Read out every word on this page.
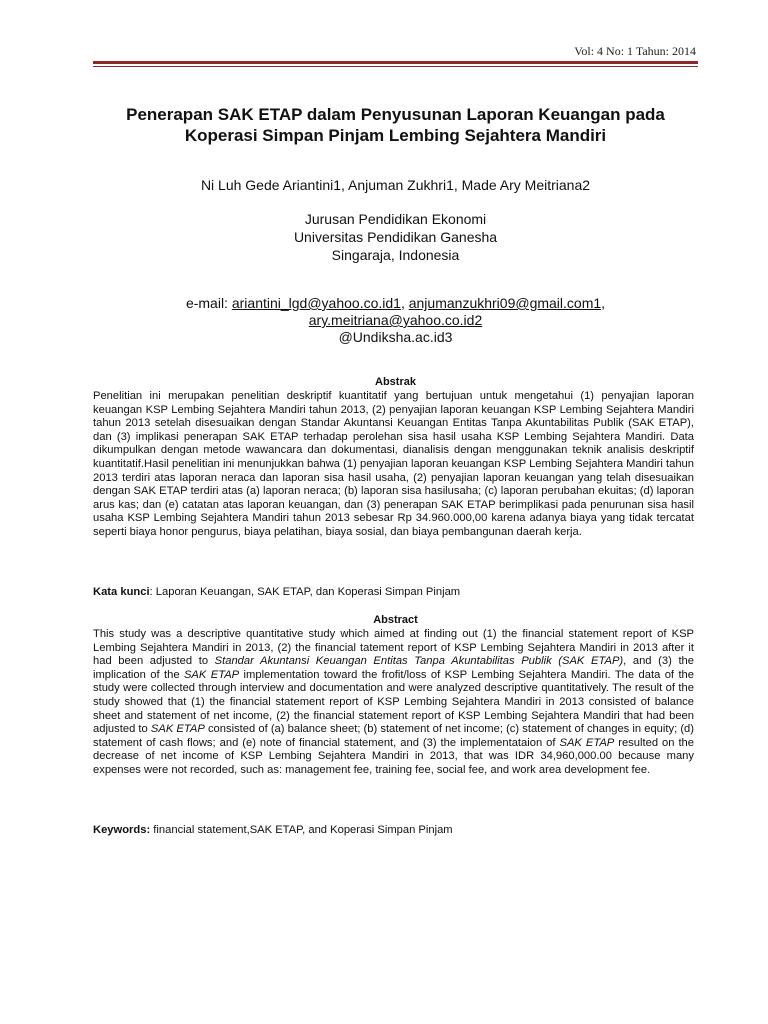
Vol: 4 No: 1 Tahun: 2014
Penerapan SAK ETAP dalam Penyusunan Laporan Keuangan pada
Koperasi Simpan Pinjam Lembing Sejahtera Mandiri
Ni Luh Gede Ariantini1, Anjuman Zukhri1, Made Ary Meitriana2
Jurusan Pendidikan Ekonomi
Universitas Pendidikan Ganesha
Singaraja, Indonesia
e-mail: ariantini_lgd@yahoo.co.id1, anjumanzukhri09@gmail.com1,
ary.meitriana@yahoo.co.id2
@Undiksha.ac.id3
Abstrak
Penelitian ini merupakan penelitian deskriptif kuantitatif yang bertujuan untuk mengetahui (1) penyajian laporan keuangan KSP Lembing Sejahtera Mandiri tahun 2013, (2) penyajian laporan keuangan KSP Lembing Sejahtera Mandiri tahun 2013 setelah disesuaikan dengan Standar Akuntansi Keuangan Entitas Tanpa Akuntabilitas Publik (SAK ETAP), dan (3) implikasi penerapan SAK ETAP terhadap perolehan sisa hasil usaha KSP Lembing Sejahtera Mandiri. Data dikumpulkan dengan metode wawancara dan dokumentasi, dianalisis dengan menggunakan teknik analisis deskriptif kuantitatif.Hasil penelitian ini menunjukkan bahwa (1) penyajian laporan keuangan KSP Lembing Sejahtera Mandiri tahun 2013 terdiri atas laporan neraca dan laporan sisa hasil usaha, (2) penyajian laporan keuangan yang telah disesuaikan dengan SAK ETAP terdiri atas (a) laporan neraca; (b) laporan sisa hasilusaha; (c) laporan perubahan ekuitas; (d) laporan arus kas; dan (e) catatan atas laporan keuangan, dan (3) penerapan SAK ETAP berimplikasi pada penurunan sisa hasil usaha KSP Lembing Sejahtera Mandiri tahun 2013 sebesar Rp 34.960.000,00 karena adanya biaya yang tidak tercatat seperti biaya honor pengurus, biaya pelatihan, biaya sosial, dan biaya pembangunan daerah kerja.
Kata kunci: Laporan Keuangan, SAK ETAP, dan Koperasi Simpan Pinjam
Abstract
This study was a descriptive quantitative study which aimed at finding out (1) the financial statement report of KSP Lembing Sejahtera Mandiri in 2013, (2) the financial tatement report of KSP Lembing Sejahtera Mandiri in 2013 after it had been adjusted to Standar Akuntansi Keuangan Entitas Tanpa Akuntabilitas Publik (SAK ETAP), and (3) the implication of the SAK ETAP implementation toward the frofit/loss of KSP Lembing Sejahtera Mandiri. The data of the study were collected through interview and documentation and were analyzed descriptive quantitatively. The result of the study showed that (1) the financial statement report of KSP Lembing Sejahtera Mandiri in 2013 consisted of balance sheet and statement of net income, (2) the financial statement report of KSP Lembing Sejahtera Mandiri that had been adjusted to SAK ETAP consisted of (a) balance sheet; (b) statement of net income; (c) statement of changes in equity; (d) statement of cash flows; and (e) note of financial statement, and (3) the implementataion of SAK ETAP resulted on the decrease of net income of KSP Lembing Sejahtera Mandiri in 2013, that was IDR 34,960,000.00 because many expenses were not recorded, such as: management fee, training fee, social fee, and work area development fee.
Keywords: financial statement,SAK ETAP, and Koperasi Simpan Pinjam
